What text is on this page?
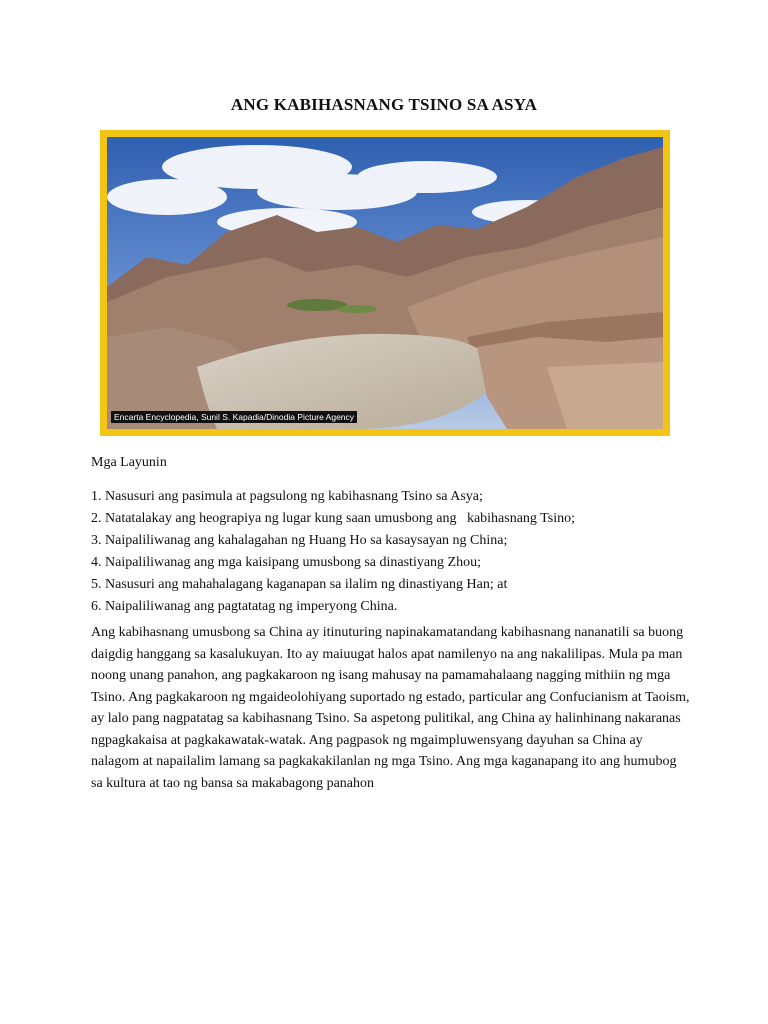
ANG KABIHASNANG TSINO SA ASYA
Encarta Encyclopedia, Sunil S. Kapadia/Dinodia Picture Agency
Mga Layunin
1. Nasusuri ang pasimula at pagsulong ng kabihasnang Tsino sa Asya;
2. Natatalakay ang heograpiya ng lugar kung saan umusbong ang   kabihasnang Tsino;
3. Naipaliliwanag ang kahalagahan ng Huang Ho sa kasaysayan ng China;
4. Naipaliliwanag ang mga kaisipang umusbong sa dinastiyang Zhou;
5. Nasusuri ang mahahalagang kaganapan sa ilalim ng dinastiyang Han; at
6. Naipaliliwanag ang pagtatatag ng imperyong China.

Ang kabihasnang umusbong sa China ay itinuturing napinakamatandang kabihasnang nananatili sa buong daigdig hanggang sa kasalukuyan. Ito ay maiuugat halos apat namilenyo na ang nakalilipas. Mula pa man noong unang panahon, ang pagkakaroon ng isang mahusay na pamamahalaang nagging mithiin ng mga Tsino. Ang pagkakaroon ng mgaideolohiyang suportado ng estado, particular ang Confucianism at Taoism, ay lalo pang nagpatatag sa kabihasnang Tsino. Sa aspetong pulitikal, ang China ay halinhinang nakaranas ngpagkakaisa at pagkakawatak-watak. Ang pagpasok ng mgaimpluwensyang dayuhan sa China ay nalagom at napailalim lamang sa pagkakakilanlan ng mga Tsino. Ang mga kaganapang ito ang humubog sa kultura at tao ng bansa sa makabagong panahon
